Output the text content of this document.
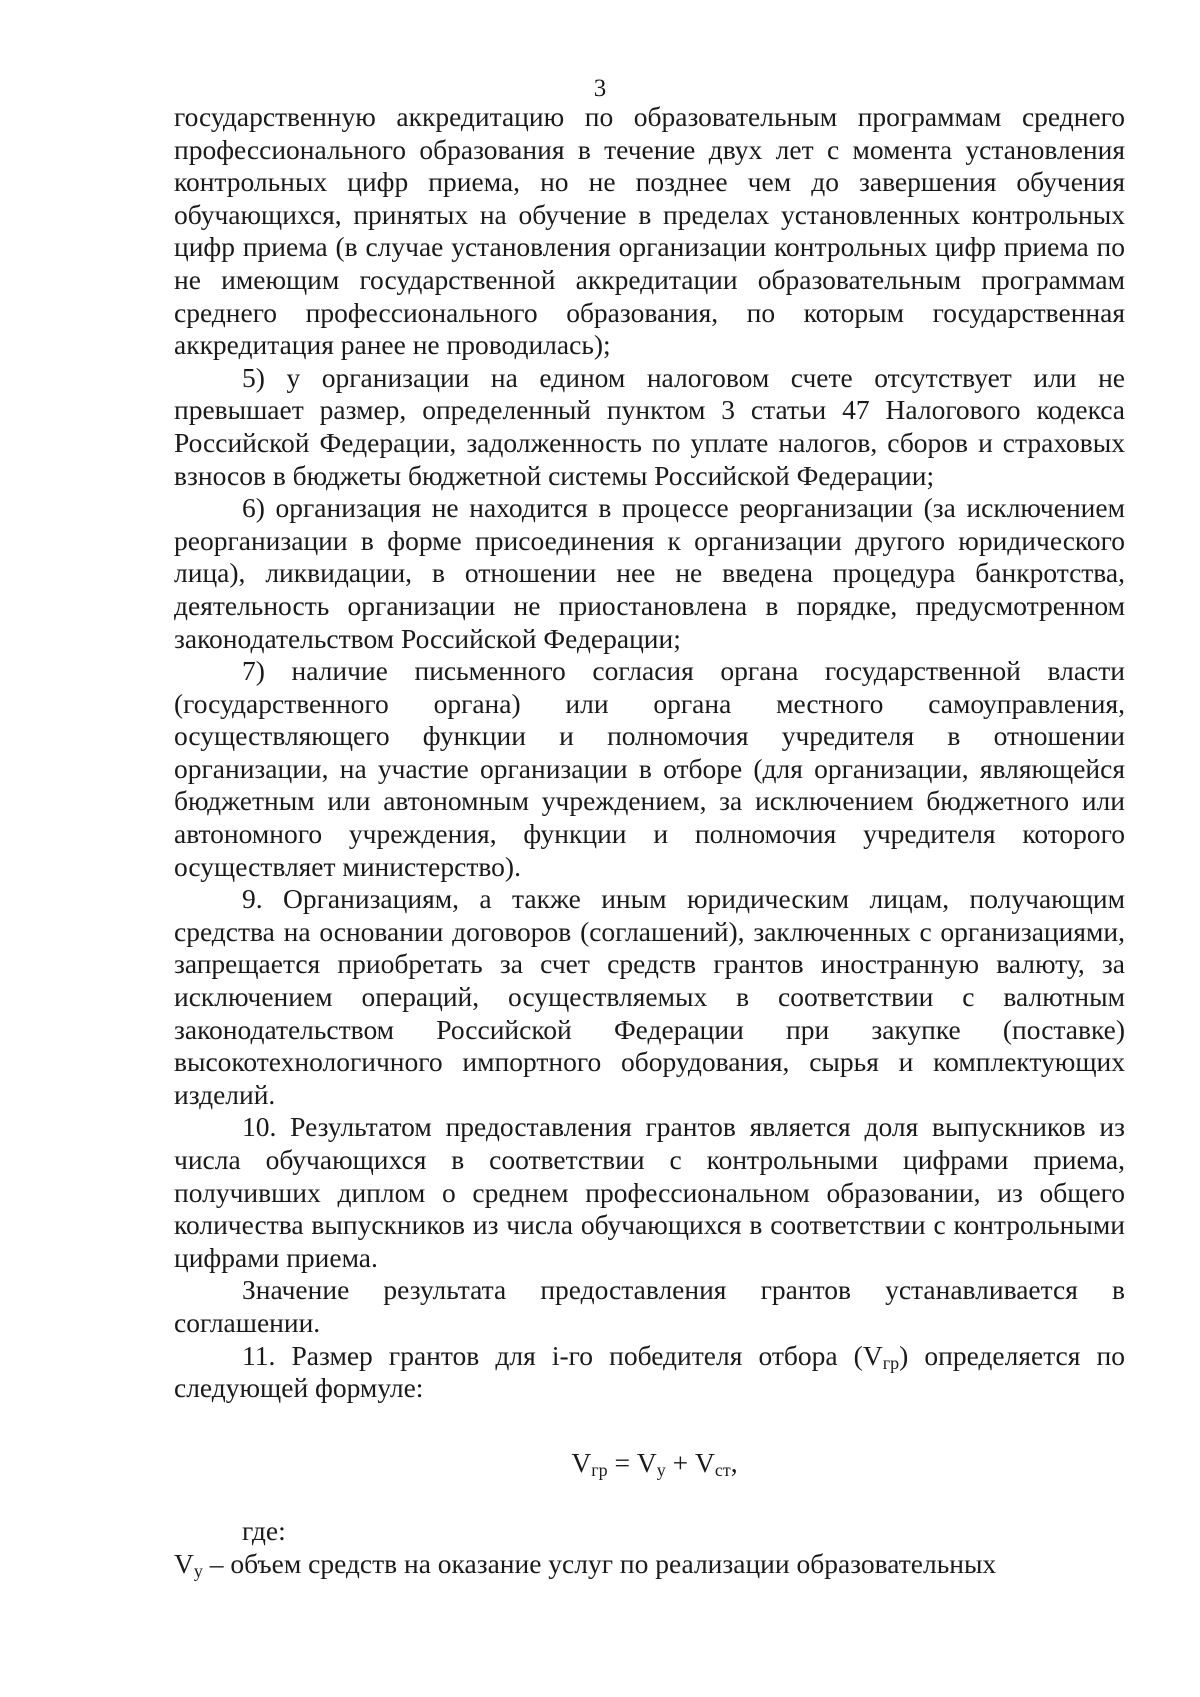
3

государственную аккредитацию по образовательным программам среднего профессионального образования в течение двух лет с момента установления контрольных цифр приема, но не позднее чем до завершения обучения обучающихся, принятых на обучение в пределах установленных контрольных цифр приема (в случае установления организации контрольных цифр приема по не имеющим государственной аккредитации образовательным программам среднего профессионального образования, по которым государственная аккредитация ранее не проводилась);

5) у организации на едином налоговом счете отсутствует или не превышает размер, определенный пунктом 3 статьи 47 Налогового кодекса Российской Федерации, задолженность по уплате налогов, сборов и страховых взносов в бюджеты бюджетной системы Российской Федерации;

6) организация не находится в процессе реорганизации (за исключением реорганизации в форме присоединения к организации другого юридического лица), ликвидации, в отношении нее не введена процедура банкротства, деятельность организации не приостановлена в порядке, предусмотренном законодательством Российской Федерации;

7) наличие письменного согласия органа государственной власти (государственного органа) или органа местного самоуправления, осуществляющего функции и полномочия учредителя в отношении организации, на участие организации в отборе (для организации, являющейся бюджетным или автономным учреждением, за исключением бюджетного или автономного учреждения, функции и полномочия учредителя которого осуществляет министерство).

9. Организациям, а также иным юридическим лицам, получающим средства на основании договоров (соглашений), заключенных с организациями, запрещается приобретать за счет средств грантов иностранную валюту, за исключением операций, осуществляемых в соответствии с валютным законодательством Российской Федерации при закупке (поставке) высокотехнологичного импортного оборудования, сырья и комплектующих изделий.

10. Результатом предоставления грантов является доля выпускников из числа обучающихся в соответствии с контрольными цифрами приема, получивших диплом о среднем профессиональном образовании, из общего количества выпускников из числа обучающихся в соответствии с контрольными цифрами приема.

Значение результата предоставления грантов устанавливается в соглашении.

11. Размер грантов для i-го победителя отбора (Vгр) определяется по следующей формуле:

$V_{гр} = V_у + V_{ст}$,

где:

Vу – объем средств на оказание услуг по реализации образовательных
